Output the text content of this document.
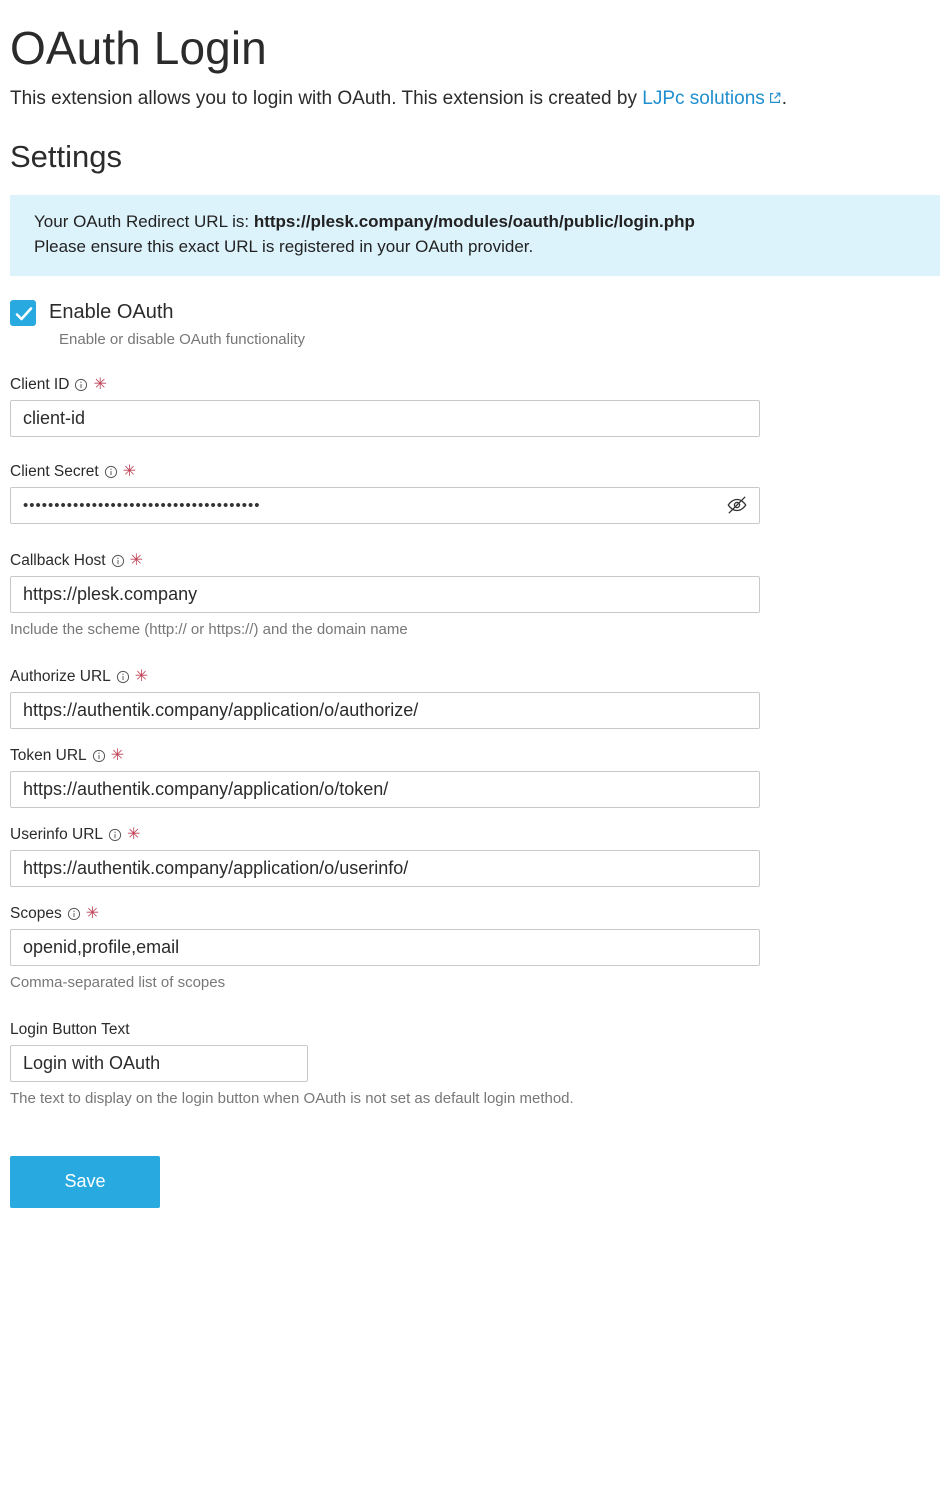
OAuth Login

This extension allows you to login with OAuth. This extension is created by LJPc solutions .

Settings
Your OAuth Redirect URL is: https://plesk.company/modules/oauth/public/login.php
Please ensure this exact URL is registered in your OAuth provider.
Enable OAuth
Enable or disable OAuth functionality
Client ID ✳
client-id
Client Secret ✳
••••••••••••••••••••••••••••••••••••••
Callback Host ✳
https://plesk.company
Include the scheme (http:// or https://) and the domain name
Authorize URL ✳
https://authentik.company/application/o/authorize/
Token URL ✳
https://authentik.company/application/o/token/
Userinfo URL ✳
https://authentik.company/application/o/userinfo/
Scopes ✳
openid,profile,email
Comma-separated list of scopes
Login Button Text
Login with OAuth
The text to display on the login button when OAuth is not set as default login method.
Save
